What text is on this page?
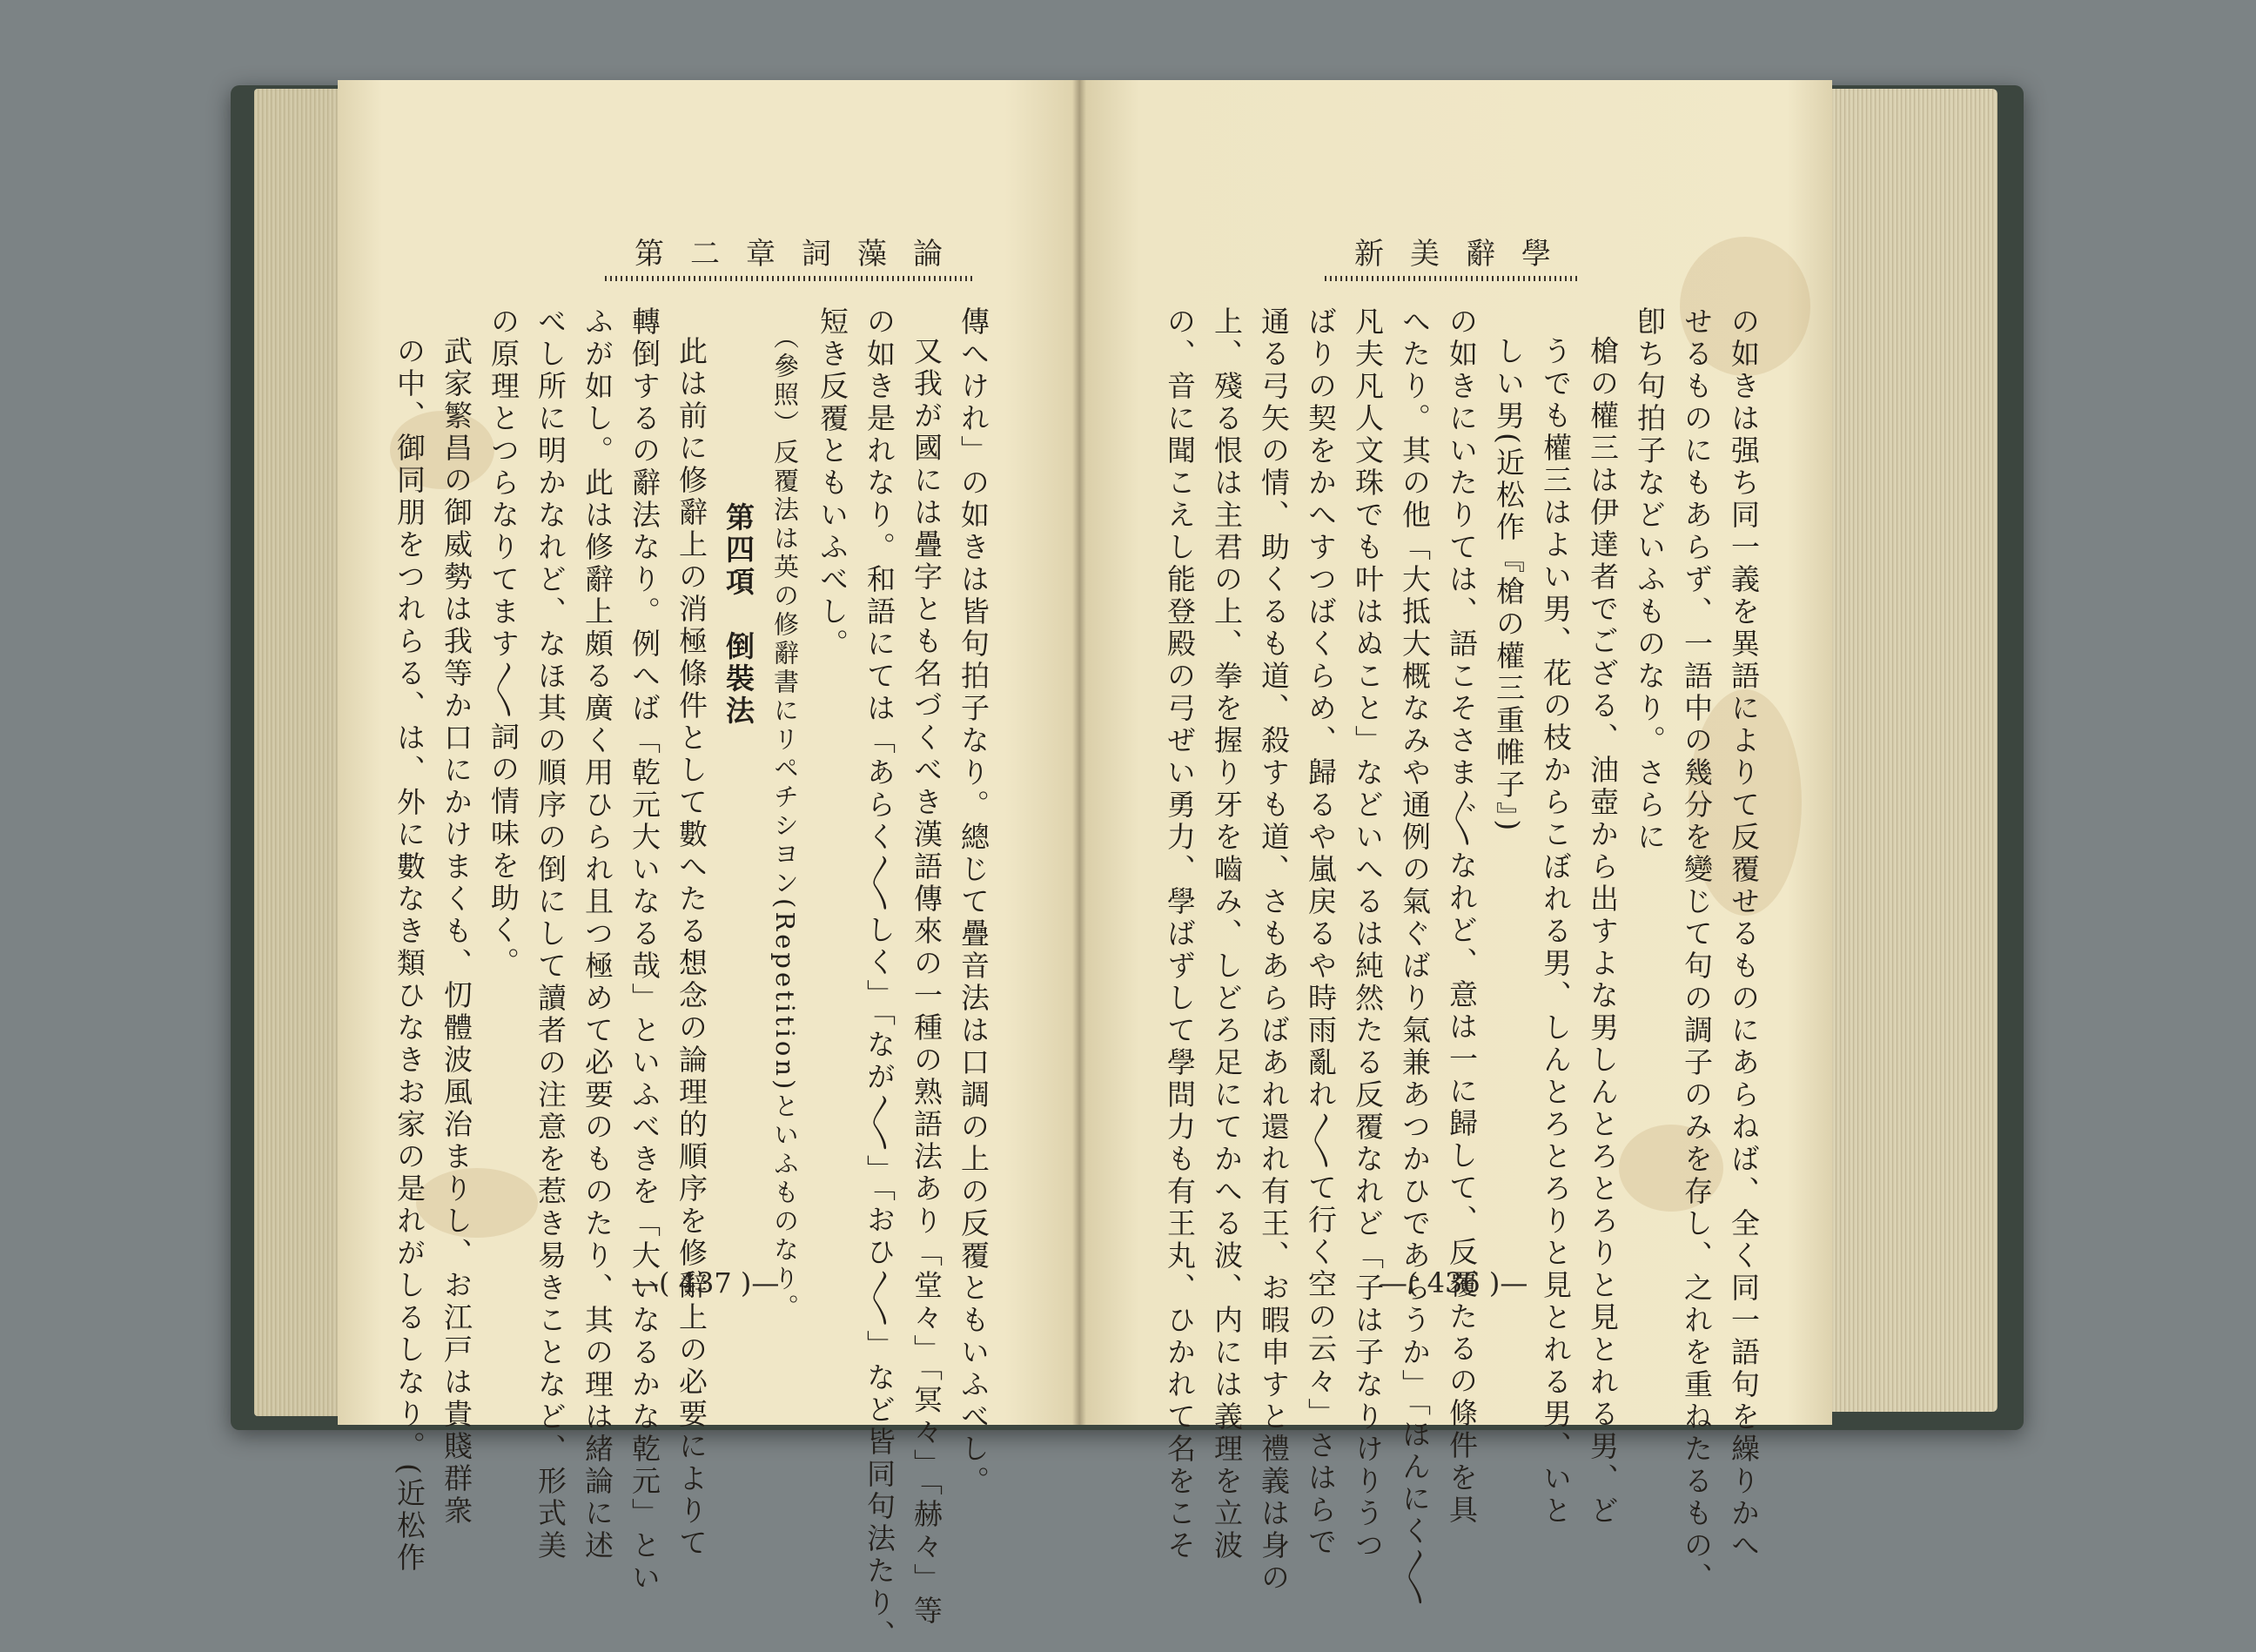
第二章詞藻論
傳へけれ」の如きは皆句拍子なり。總じて疊音法は口調の上の反覆ともいふべし。
又我が國には疊字とも名づくべき漢語傳來の一種の熟語法あり「堂々」「冥々」「赫々」等
の如き是れなり。和語にては「あらく〳〵しく」「なが〳〵」「おひ〳〵」など皆同句法たり、
短き反覆ともいふべし。
（參照）反覆法は英の修辭書にリペチシヨン(Repetition)といふものなり。
第四項　倒裝法
此は前に修辭上の消極條件として數へたる想念の論理的順序を修辭上の必要によりて
轉倒するの辭法なり。例へば「乾元大いなる哉」といふべきを「大いなるかな乾元」とい
ふが如し。此は修辭上頗る廣く用ひられ且つ極めて必要のものたり、其の理は緒論に述
べし所に明かなれど、なほ其の順序の倒にして讀者の注意を惹き易きことなど、形式美
の原理とつらなりてます〳〵詞の情味を助く。
武家繁昌の御威勢は我等か口にかけまくも、忉體波風治まりし、お江戸は貴賤群衆
の中、御同朋をつれらる、は、外に數なき類ひなきお家の是れがしるしなり。(近松作	—( 437 )—
新美辭學
の如きは强ち同一義を異語によりて反覆せるものにあらねば、全く同一語句を繰りかへ
せるものにもあらず、一語中の幾分を變じて句の調子のみを存し、之れを重ねたるもの、
卽ち句拍子などいふものなり。さらに
槍の權三は伊達者でござる、油壺から出すよな男しんとろとろりと見とれる男、ど
うでも權三はよい男、花の枝からこぼれる男、しんとろとろりと見とれる男、いと
しい男(近松作『槍の權三重帷子』)
の如きにいたりては、語こそさま〴〵なれど、意は一に歸して、反覆たるの條件を具
へたり。其の他「大抵大概なみや通例の氣ぐばり氣兼あつかひであらうか」「ほんにく〳〵
凡夫凡人文珠でも叶はぬこと」などいへるは純然たる反覆なれど「子は子なりけりうつ
ばりの契をかへすつばくらめ、歸るや嵐戻るや時雨亂れ〳〵て行く空の云々」さはらで
通る弓矢の情、助くるも道、殺すも道、さもあらばあれ還れ有王、お暇申すと禮義は身の
上、殘る恨は主君の上、拳を握り牙を嚙み、しどろ足にてかへる波、内には義理を立波
の、音に聞こえし能登殿の弓ぜい勇力、學ばずして學問力も有王丸、ひかれて名をこそ	—( 436 )—
